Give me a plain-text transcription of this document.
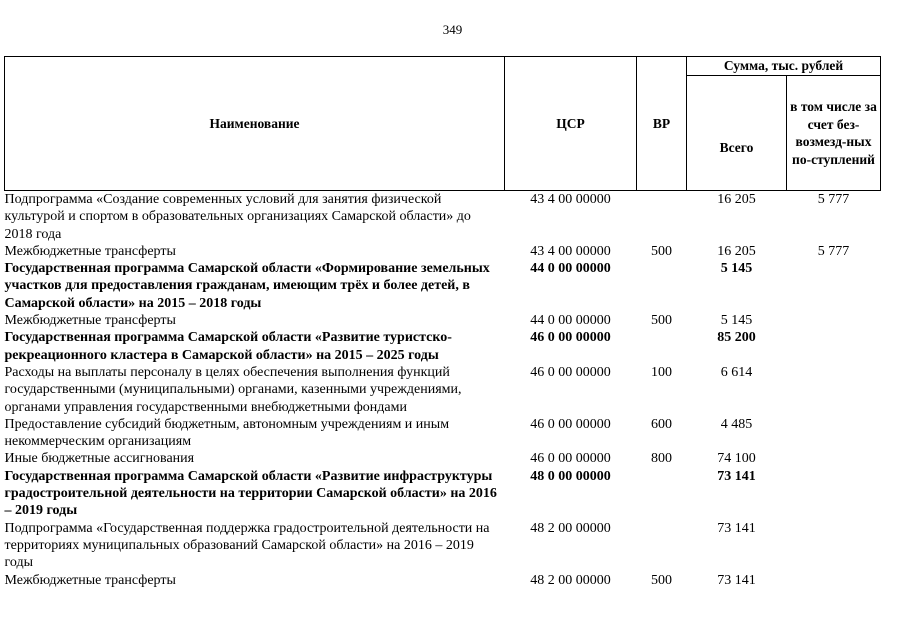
349
Наименование	ЦСР	ВР	Сумма, тыс. рублей	
			Всего	в том числе за счет без-возмезд-ных по-ступлений
Подпрограмма «Создание современных условий для занятия физической культурой и спортом в образовательных организациях Самарской области» до 2018 года	43 4 00 00000		16 205	5 777
Межбюджетные трансферты	43 4 00 00000	500	16 205	5 777
Государственная программа Самарской области «Формирование земельных участков для предоставления гражданам, имеющим трёх и более детей, в Самарской области» на 2015 – 2018 годы	44 0 00 00000		5 145	
Межбюджетные трансферты	44 0 00 00000	500	5 145	
Государственная программа Самарской области «Развитие туристско-рекреационного кластера в Самарской области» на 2015 – 2025 годы	46 0 00 00000		85 200	
Расходы на выплаты персоналу в целях обеспечения выполнения функций государственными (муниципальными) органами, казенными учреждениями, органами управления государственными внебюджетными фондами	46 0 00 00000	100	6 614	
Предоставление субсидий бюджетным, автономным учреждениям и иным некоммерческим организациям	46 0 00 00000	600	4 485	
Иные бюджетные ассигнования	46 0 00 00000	800	74 100	
Государственная программа Самарской области «Развитие инфраструктуры градостроительной деятельности на территории Самарской области» на 2016 – 2019 годы	48 0 00 00000		73 141	
Подпрограмма «Государственная поддержка градостроительной деятельности на территориях муниципальных образований Самарской области» на 2016 – 2019 годы	48 2 00 00000		73 141	
Межбюджетные трансферты	48 2 00 00000	500	73 141	
